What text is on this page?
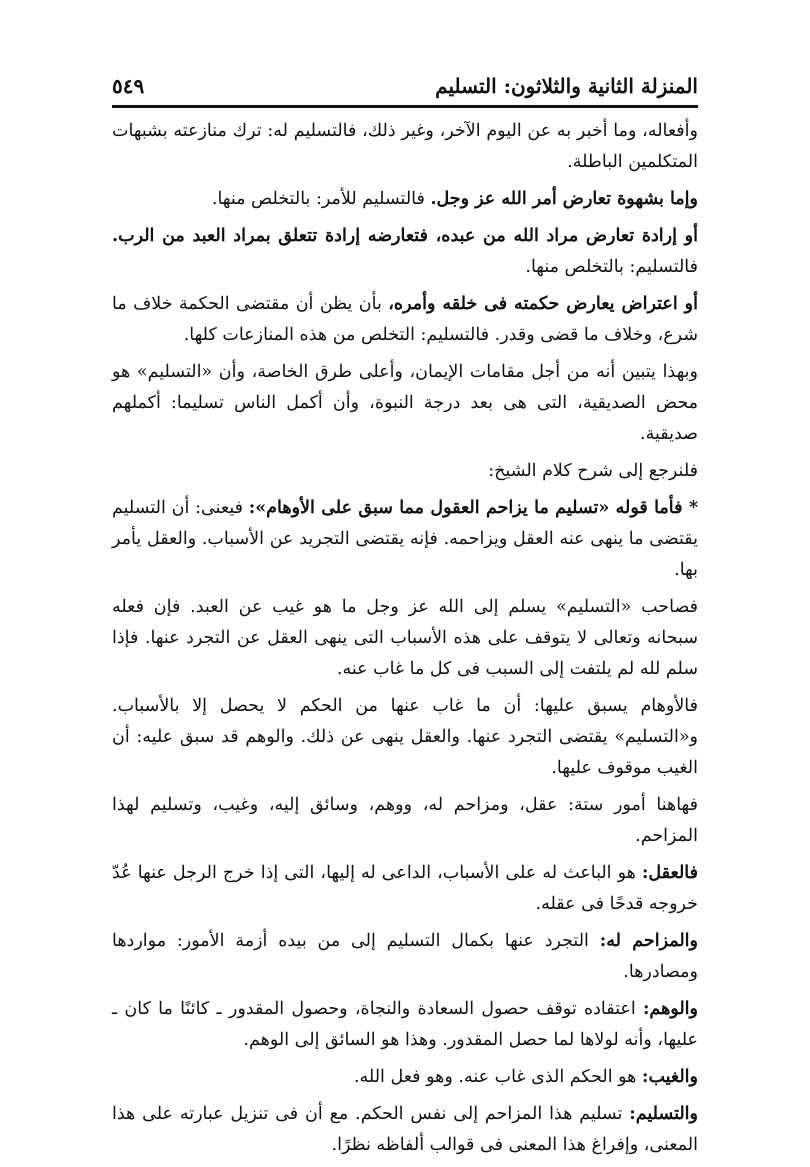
المنزلة الثانية والثلاثون: التسليم
٥٤٩

وأفعاله، وما أخبر به عن اليوم الآخر، وغير ذلك، فالتسليم له: ترك منازعته بشبهات المتكلمين الباطلة.

وإما بشهوة تعارض أمر الله عز وجل. فالتسليم للأمر: بالتخلص منها.

أو إرادة تعارض مراد الله من عبده، فتعارضه إرادة تتعلق بمراد العبد من الرب. فالتسليم: بالتخلص منها.

أو اعتراض يعارض حكمته فى خلقه وأمره، بأن يظن أن مقتضى الحكمة خلاف ما شرع، وخلاف ما قضى وقدر. فالتسليم: التخلص من هذه المنازعات كلها.

وبهذا يتبين أنه من أجل مقامات الإيمان، وأعلى طرق الخاصة، وأن «التسليم» هو محض الصديقية، التى هى بعد درجة النبوة، وأن أكمل الناس تسليما: أكملهم صديقية.

فلنرجع إلى شرح كلام الشيخ:

* فأما قوله «تسليم ما يزاحم العقول مما سبق على الأوهام»: فيعنى: أن التسليم يقتضى ما ينهى عنه العقل ويزاحمه. فإنه يقتضى التجريد عن الأسباب. والعقل يأمر بها.

فصاحب «التسليم» يسلم إلى الله عز وجل ما هو غيب عن العبد. فإن فعله سبحانه وتعالى لا يتوقف على هذه الأسباب التى ينهى العقل عن التجرد عنها. فإذا سلم لله لم يلتفت إلى السبب فى كل ما غاب عنه.

فالأوهام يسبق عليها: أن ما غاب عنها من الحكم لا يحصل إلا بالأسباب. و«التسليم» يقتضى التجرد عنها. والعقل ينهى عن ذلك. والوهم قد سبق عليه: أن الغيب موقوف عليها.

فهاهنا أمور ستة: عقل، ومزاحم له، ووهم، وسائق إليه، وغيب، وتسليم لهذا المزاحم.

فالعقل: هو الباعث له على الأسباب، الداعى له إليها، التى إذا خرج الرجل عنها عُدّ خروجه قدحًا فى عقله.

والمزاحم له: التجرد عنها بكمال التسليم إلى من بيده أزمة الأمور: مواردها ومصادرها.

والوهم: اعتقاده توقف حصول السعادة والنجاة، وحصول المقدور ـ كائنًا ما كان ـ عليها، وأنه لولاها لما حصل المقدور. وهذا هو السائق إلى الوهم.

والغيب: هو الحكم الذى غاب عنه. وهو فعل الله.

والتسليم: تسليم هذا المزاحم إلى نفس الحكم. مع أن فى تنزيل عبارته على هذا المعنى، وإفراغ هذا المعنى فى قوالب ألفاظه نظرًا.
